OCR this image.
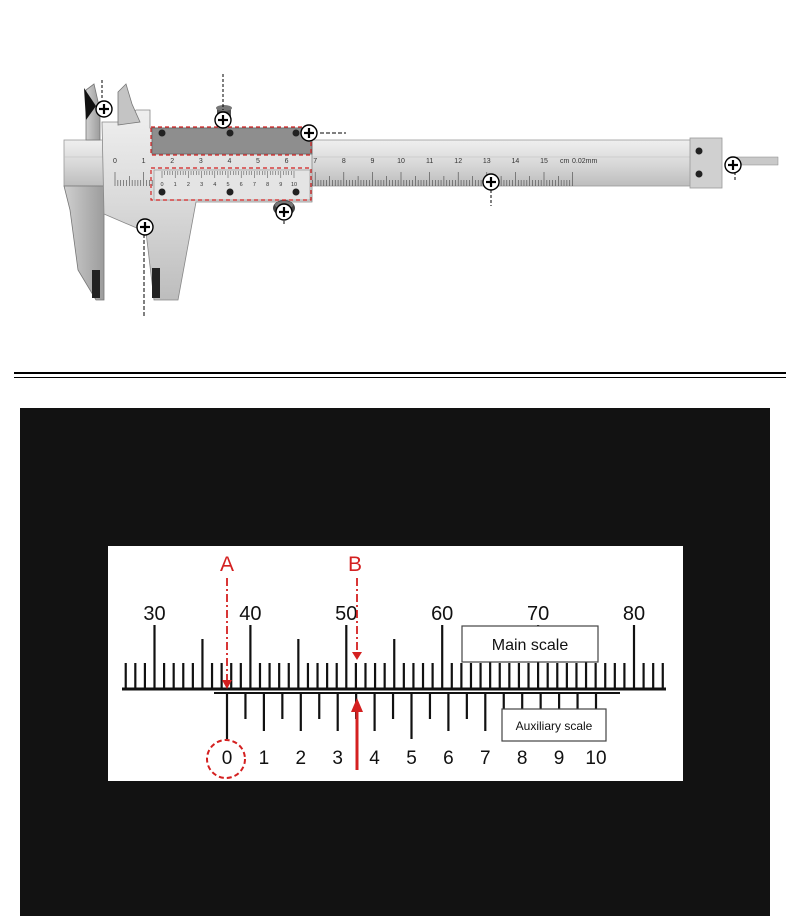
0	1	2	3	4	5	6	7	8	9	10	11	12	13	14	15 cm 0.02mm
0 1 2 3 4 5 6 7 8 9 10
30	40	50	60	70	80
0 1 2 3 4 5 6 7 8 9 10
Main scale
Auxiliary scale
A	B
